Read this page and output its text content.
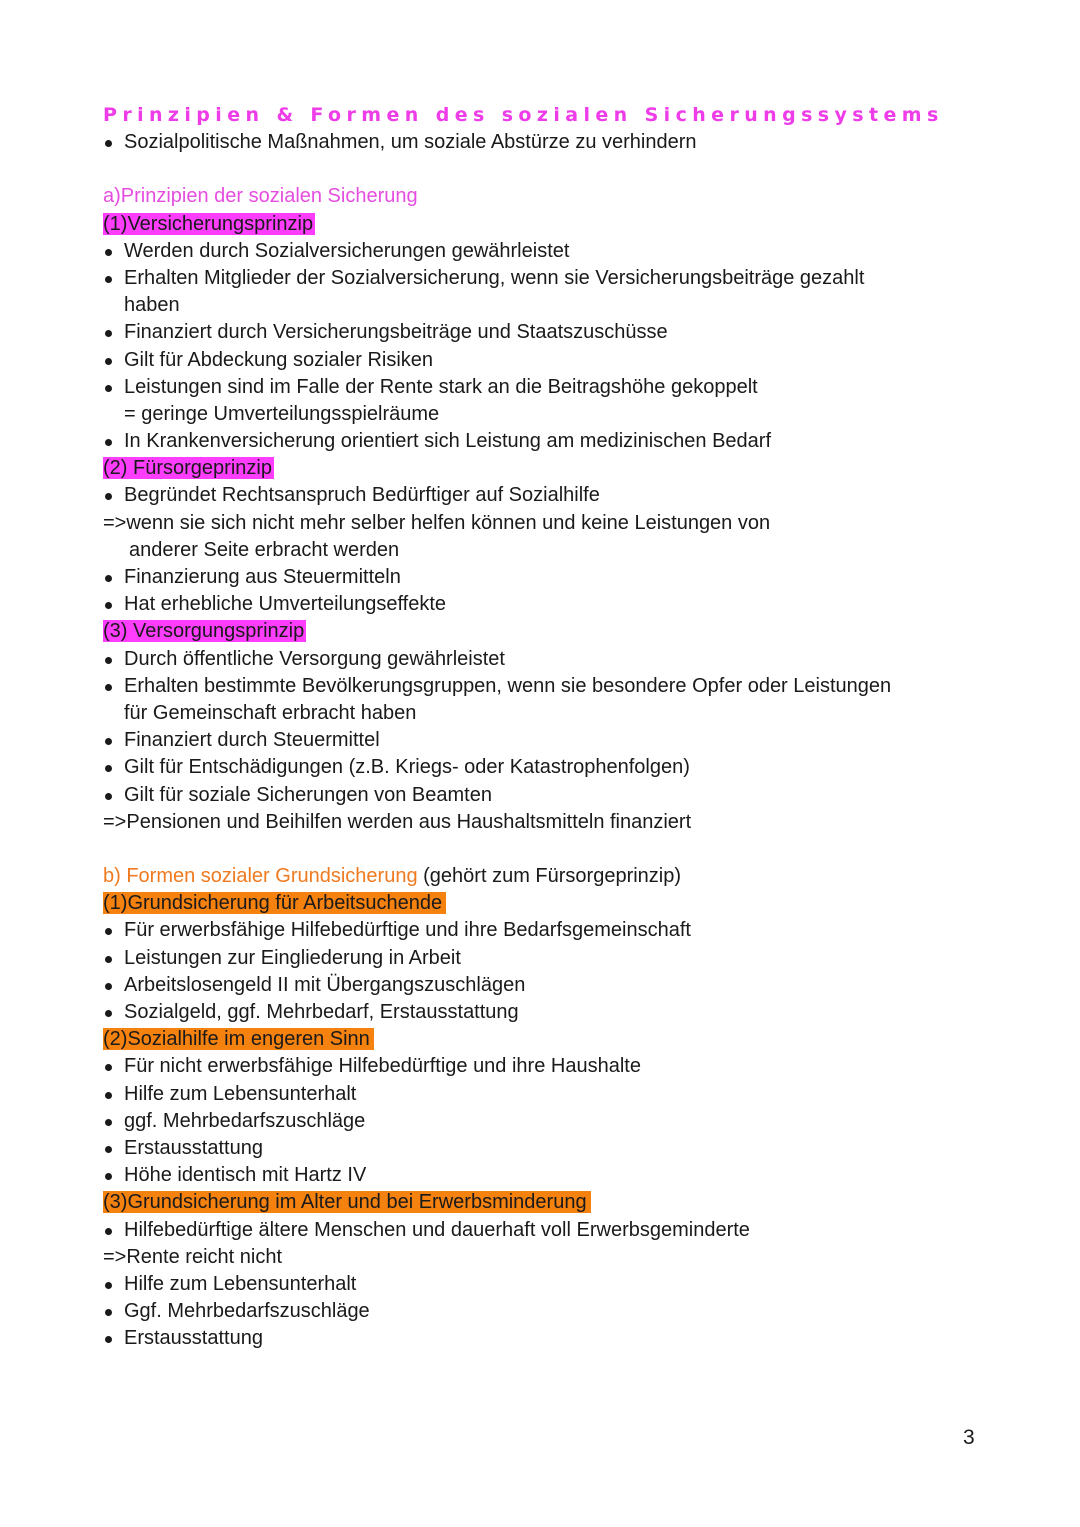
Prinzipien & Formen des sozialen Sicherungssystems
Sozialpolitische Maßnahmen, um soziale Abstürze zu verhindern
a)Prinzipien der sozialen Sicherung
(1)Versicherungsprinzip
Werden durch Sozialversicherungen gewährleistet
Erhalten Mitglieder der Sozialversicherung, wenn sie Versicherungsbeiträge gezahlt
haben
Finanziert durch Versicherungsbeiträge und Staatszuschüsse
Gilt für Abdeckung sozialer Risiken
Leistungen sind im Falle der Rente stark an die Beitragshöhe gekoppelt
= geringe Umverteilungsspielräume
In Krankenversicherung orientiert sich Leistung am medizinischen Bedarf
(2) Fürsorgeprinzip
Begründet Rechtsanspruch Bedürftiger auf Sozialhilfe
=>wenn sie sich nicht mehr selber helfen können und keine Leistungen von
anderer Seite erbracht werden
Finanzierung aus Steuermitteln
Hat erhebliche Umverteilungseffekte
(3) Versorgungsprinzip
Durch öffentliche Versorgung gewährleistet
Erhalten bestimmte Bevölkerungsgruppen, wenn sie besondere Opfer oder Leistungen
für Gemeinschaft erbracht haben
Finanziert durch Steuermittel
Gilt für Entschädigungen (z.B. Kriegs- oder Katastrophenfolgen)
Gilt für soziale Sicherungen von Beamten
=>Pensionen und Beihilfen werden aus Haushaltsmitteln finanziert
b) Formen sozialer Grundsicherung (gehört zum Fürsorgeprinzip)
(1)Grundsicherung für Arbeitsuchende
Für erwerbsfähige Hilfebedürftige und ihre Bedarfsgemeinschaft
Leistungen zur Eingliederung in Arbeit
Arbeitslosengeld II mit Übergangszuschlägen
Sozialgeld, ggf. Mehrbedarf, Erstausstattung
(2)Sozialhilfe im engeren Sinn
Für nicht erwerbsfähige Hilfebedürftige und ihre Haushalte
Hilfe zum Lebensunterhalt
ggf. Mehrbedarfszuschläge
Erstausstattung
Höhe identisch mit Hartz IV
(3)Grundsicherung im Alter und bei Erwerbsminderung
Hilfebedürftige ältere Menschen und dauerhaft voll Erwerbsgeminderte
=>Rente reicht nicht
Hilfe zum Lebensunterhalt
Ggf. Mehrbedarfszuschläge
Erstausstattung
3
